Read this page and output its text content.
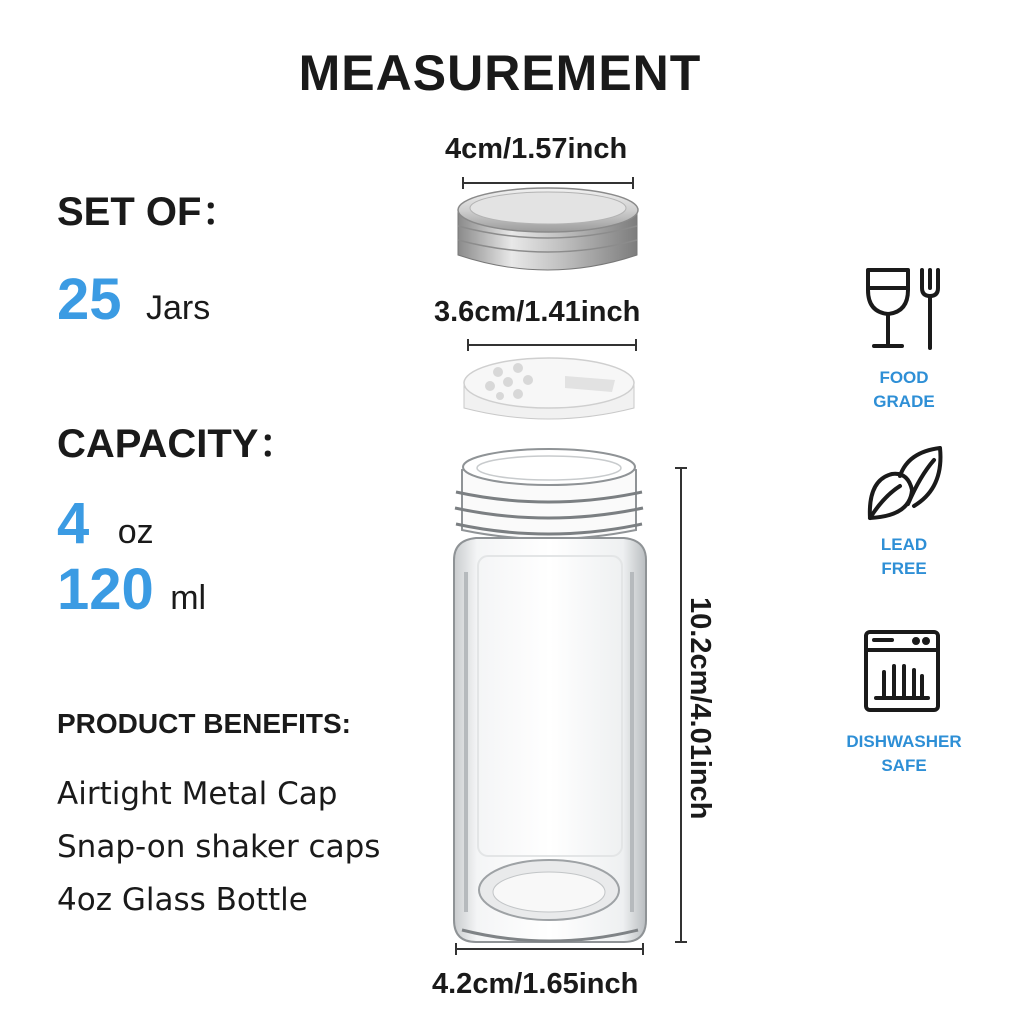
MEASUREMENT
SET OF：
25 Jars
CAPACITY：
4 oz
120 ml
PRODUCT BENEFITS:
Airtight Metal Cap
Snap-on shaker caps
4oz Glass Bottle
4cm/1.57inch
3.6cm/1.41inch
4.2cm/1.65inch
10.2cm/4.01inch
FOOD
GRADE
LEAD
FREE
DISHWASHER
SAFE
